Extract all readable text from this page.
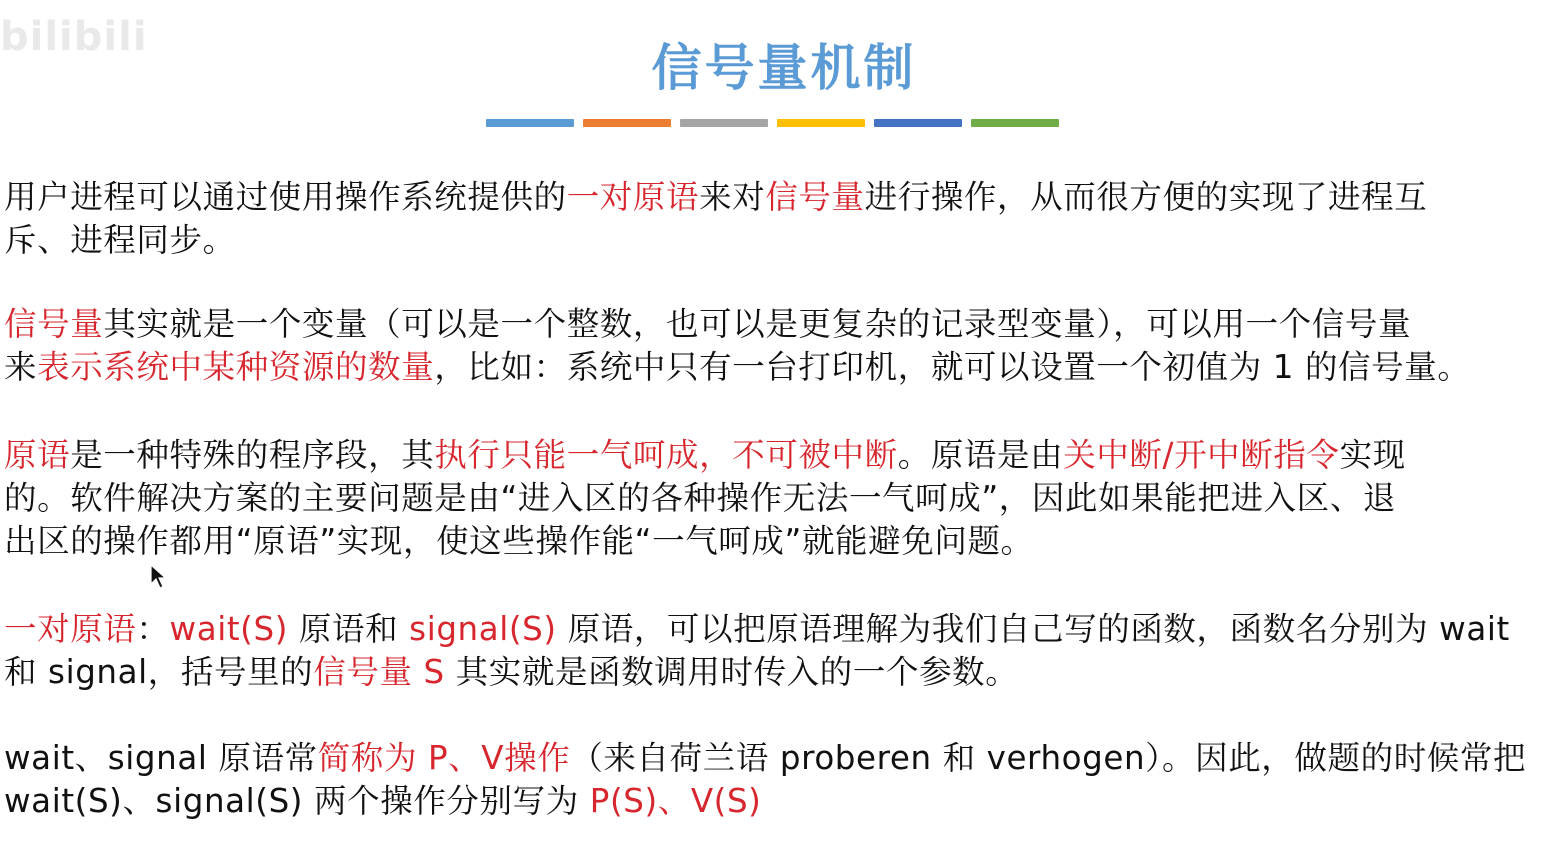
bilibili
信号量机制
用户进程可以通过使用操作系统提供的一对原语来对信号量进行操作，从而很方便的实现了进程互
斥、进程同步。
信号量其实就是一个变量（可以是一个整数，也可以是更复杂的记录型变量），可以用一个信号量
来表示系统中某种资源的数量，比如：系统中只有一台打印机，就可以设置一个初值为 1 的信号量。
原语是一种特殊的程序段，其执行只能一气呵成，不可被中断。原语是由关中断/开中断指令实现
的。软件解决方案的主要问题是由“进入区的各种操作无法一气呵成”，因此如果能把进入区、退
出区的操作都用“原语”实现，使这些操作能“一气呵成”就能避免问题。
一对原语：wait(S) 原语和 signal(S) 原语，可以把原语理解为我们自己写的函数，函数名分别为 wait
和 signal，括号里的信号量 S 其实就是函数调用时传入的一个参数。
wait、signal 原语常简称为 P、V操作（来自荷兰语 proberen 和 verhogen）。因此，做题的时候常把
wait(S)、signal(S) 两个操作分别写为 P(S)、V(S)
